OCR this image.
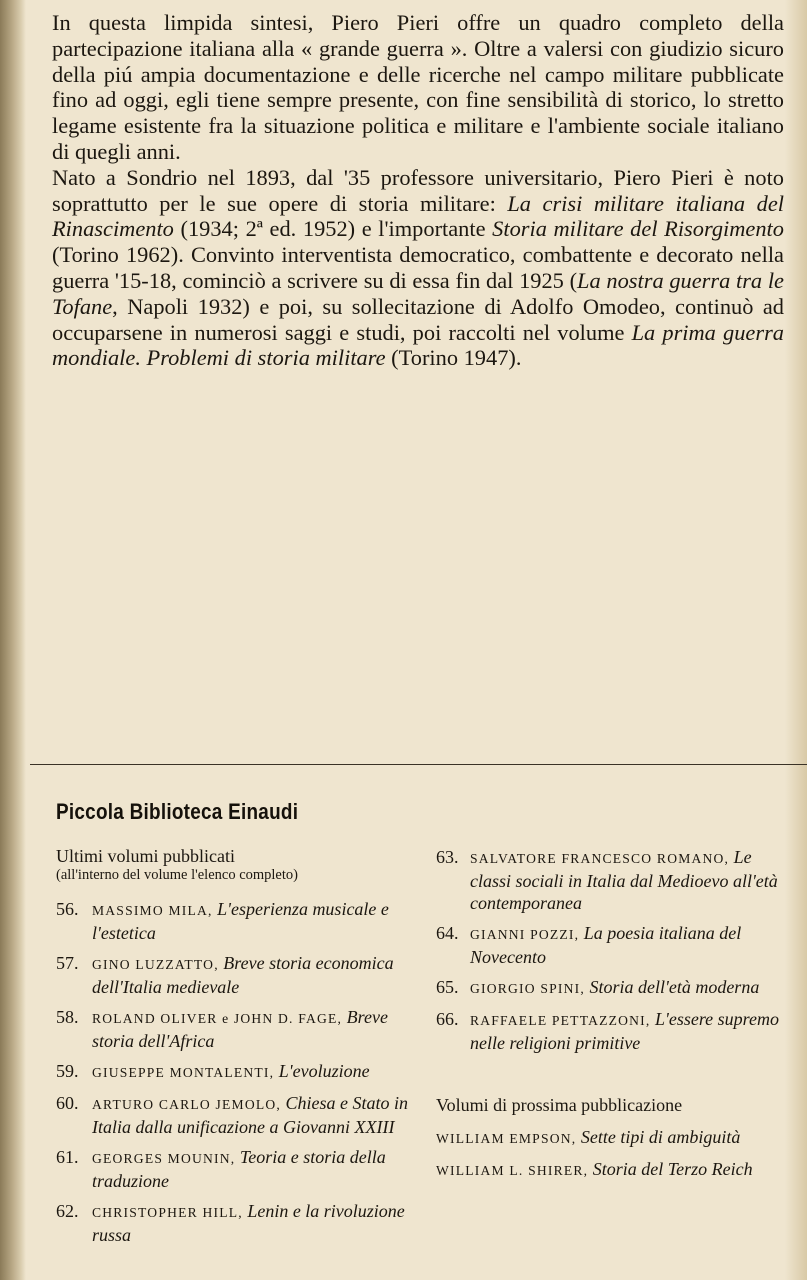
In questa limpida sintesi, Piero Pieri offre un quadro completo della partecipazione italiana alla « grande guerra ». Oltre a valersi con giudizio sicuro della piú ampia documentazione e delle ricerche nel campo militare pubblicate fino ad oggi, egli tiene sempre presente, con fine sensibilità di storico, lo stretto legame esistente fra la situazione politica e militare e l'ambiente sociale italiano di quegli anni.

Nato a Sondrio nel 1893, dal '35 professore universitario, Piero Pieri è noto soprattutto per le sue opere di storia militare: La crisi militare italiana del Rinascimento (1934; 2ª ed. 1952) e l'importante Storia militare del Risorgimento (Torino 1962). Convinto interventista democratico, combattente e decorato nella guerra '15-18, cominciò a scrivere su di essa fin dal 1925 (La nostra guerra tra le Tofane, Napoli 1932) e poi, su sollecitazione di Adolfo Omodeo, continuò ad occuparsene in numerosi saggi e studi, poi raccolti nel volume La prima guerra mondiale. Problemi di storia militare (Torino 1947).

Piccola Biblioteca Einaudi
Ultimi volumi pubblicati
(all'interno del volume l'elenco completo)
56. MASSIMO MILA, L'esperienza musicale e l'estetica
57. GINO LUZZATTO, Breve storia economica dell'Italia medievale
58. ROLAND OLIVER e JOHN D. FAGE, Breve storia dell'Africa
59. GIUSEPPE MONTALENTI, L'evoluzione
60. ARTURO CARLO JEMOLO, Chiesa e Stato in Italia dalla unificazione a Giovanni XXIII
61. GEORGES MOUNIN, Teoria e storia della traduzione
62. CHRISTOPHER HILL, Lenin e la rivoluzione russa
63. SALVATORE FRANCESCO ROMANO, Le classi sociali in Italia dal Medioevo all'età contemporanea
64. GIANNI POZZI, La poesia italiana del Novecento
65. GIORGIO SPINI, Storia dell'età moderna
66. RAFFAELE PETTAZZONI, L'essere supremo nelle religioni primitive
Volumi di prossima pubblicazione
WILLIAM EMPSON, Sette tipi di ambiguità
WILLIAM L. SHIRER, Storia del Terzo Reich
